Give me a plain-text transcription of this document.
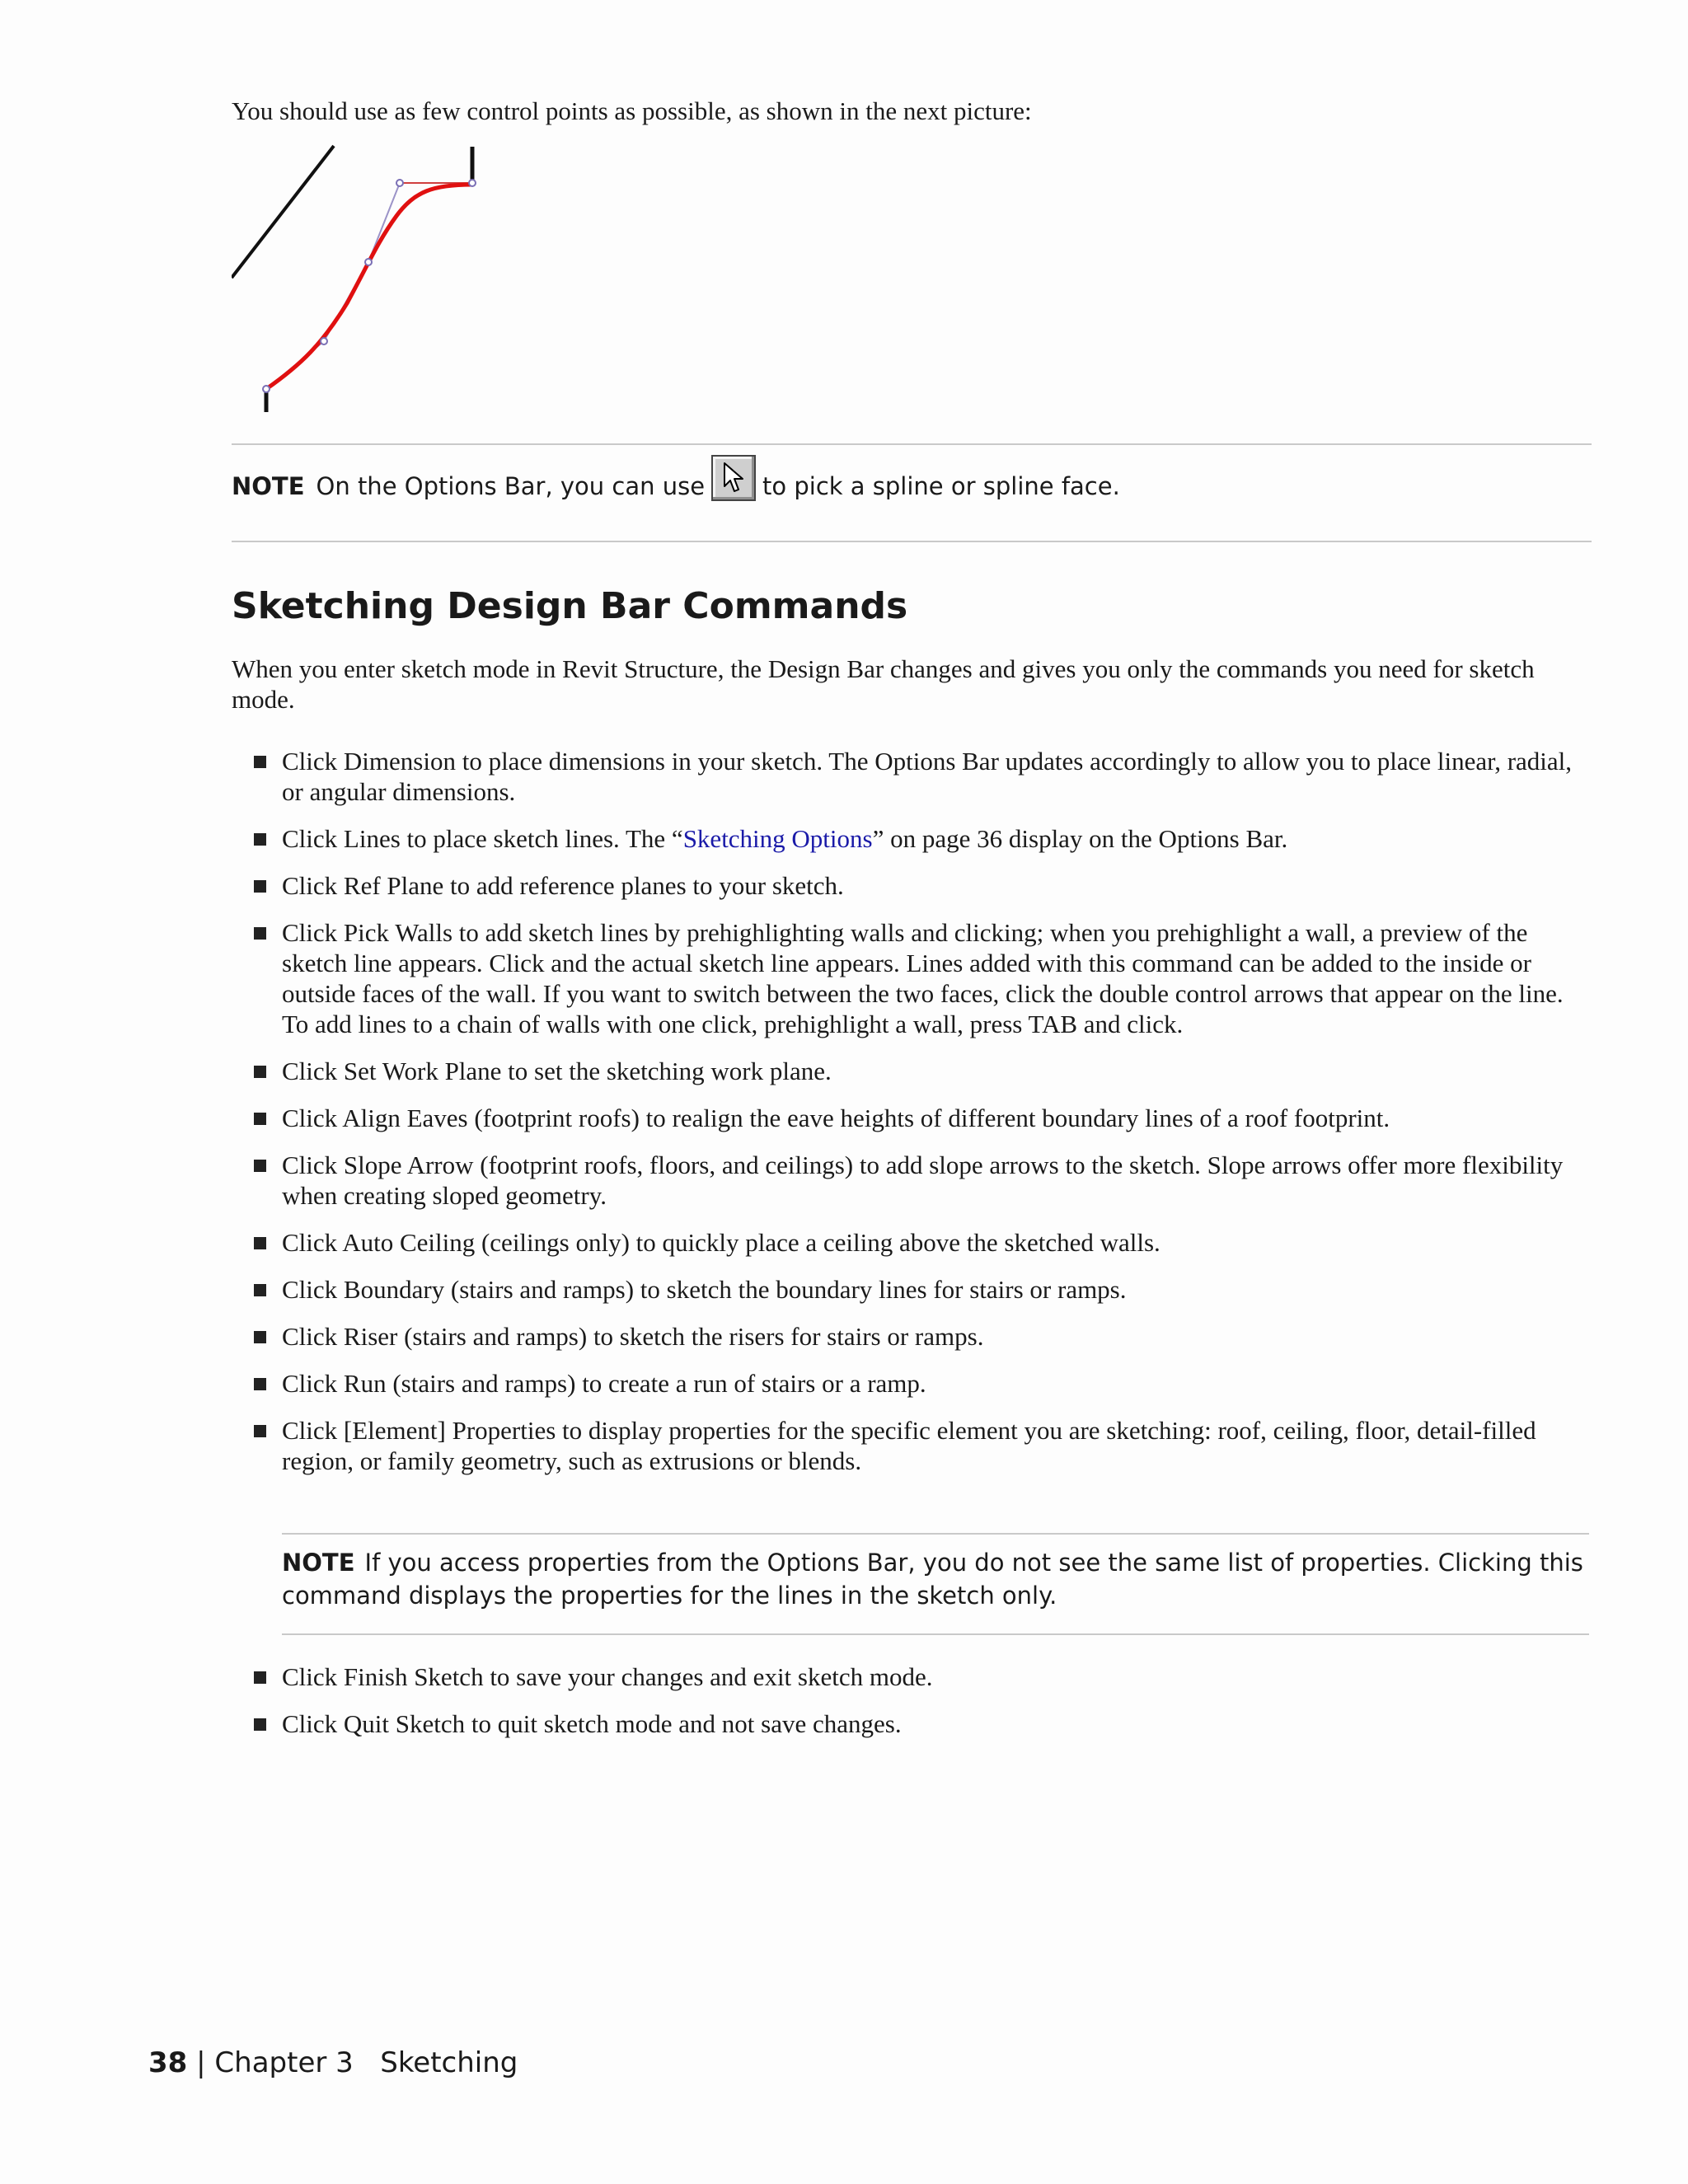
You should use as few control points as possible, as shown in the next picture:
NOTE On the Options Bar, you can use to pick a spline or spline face.
Sketching Design Bar Commands

When you enter sketch mode in Revit Structure, the Design Bar changes and gives you only the commands you need for sketch mode.

Click Dimension to place dimensions in your sketch. The Options Bar updates accordingly to allow you to place linear, radial, or angular dimensions.
Click Lines to place sketch lines. The “Sketching Options” on page 36 display on the Options Bar.
Click Ref Plane to add reference planes to your sketch.
Click Pick Walls to add sketch lines by prehighlighting walls and clicking; when you prehighlight a wall, a preview of the sketch line appears. Click and the actual sketch line appears. Lines added with this command can be added to the inside or outside faces of the wall. If you want to switch between the two faces, click the double control arrows that appear on the line. To add lines to a chain of walls with one click, prehighlight a wall, press TAB and click.
Click Set Work Plane to set the sketching work plane.
Click Align Eaves (footprint roofs) to realign the eave heights of different boundary lines of a roof footprint.
Click Slope Arrow (footprint roofs, floors, and ceilings) to add slope arrows to the sketch. Slope arrows offer more flexibility when creating sloped geometry.
Click Auto Ceiling (ceilings only) to quickly place a ceiling above the sketched walls.
Click Boundary (stairs and ramps) to sketch the boundary lines for stairs or ramps.
Click Riser (stairs and ramps) to sketch the risers for stairs or ramps.
Click Run (stairs and ramps) to create a run of stairs or a ramp.
Click [Element] Properties to display properties for the specific element you are sketching: roof, ceiling, floor, detail-filled region, or family geometry, such as extrusions or blends.
NOTE If you access properties from the Options Bar, you do not see the same list of properties. Clicking this command displays the properties for the lines in the sketch only.
Click Finish Sketch to save your changes and exit sketch mode.
Click Quit Sketch to quit sketch mode and not save changes.
38 | Chapter 3 Sketching
